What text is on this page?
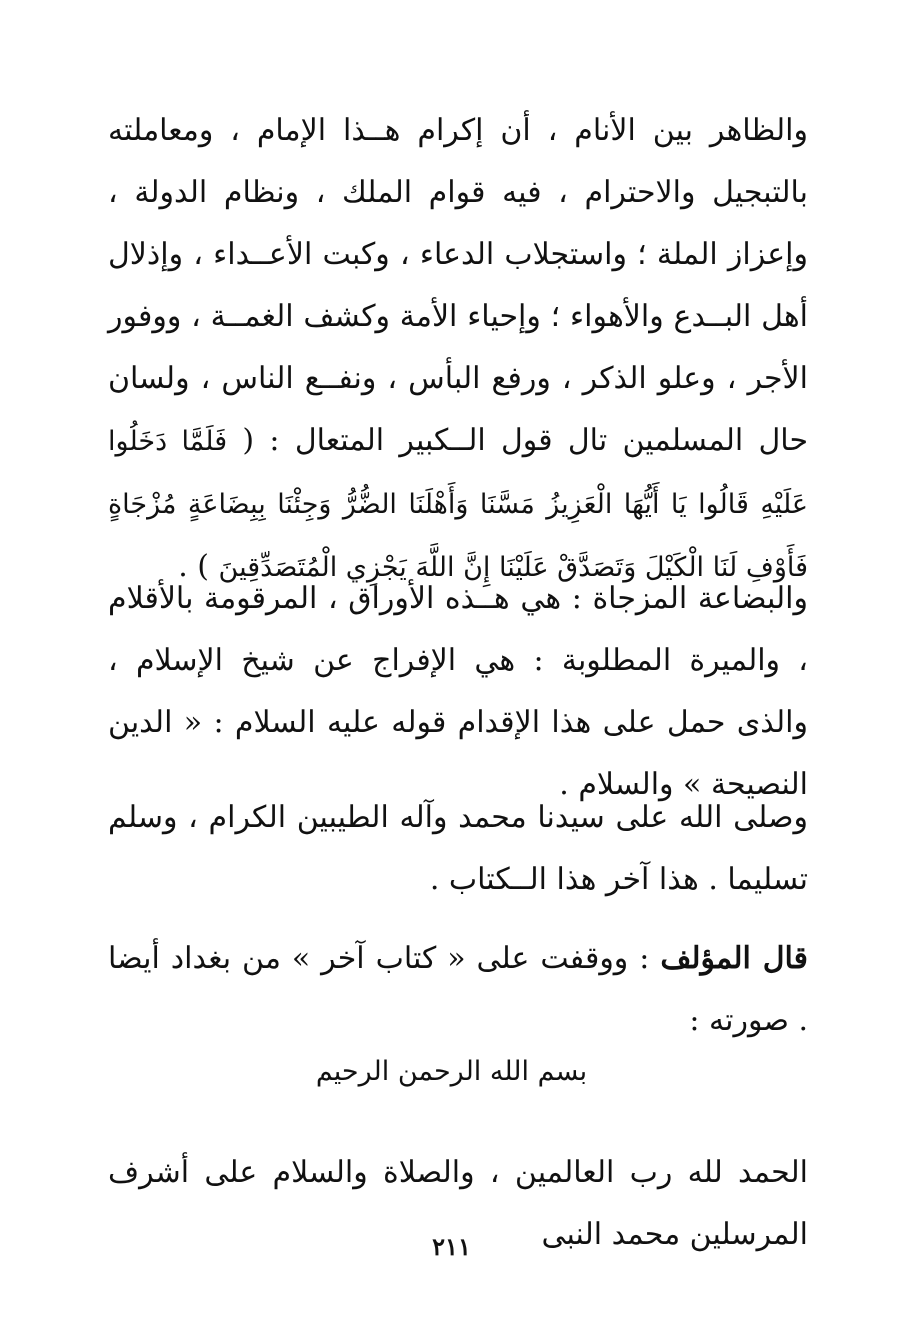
والظاهر بين الأنام ، أن إكرام هــذا الإمام ، ومعاملته بالتبجيل والاحترام ، فيه قوام الملك ، ونظام الدولة ، وإعزاز الملة ؛ واستجلاب الدعاء ، وكبت الأعــداء ، وإذلال أهل البــدع والأهواء ؛ وإحياء الأمة وكشف الغمــة ، ووفور الأجر ، وعلو الذكر ، ورفع البأس ، ونفــع الناس ، ولسان حال المسلمين تال قول الــكبير المتعال : ( فَلَمَّا دَخَلُوا عَلَيْهِ قَالُوا يَا أَيُّهَا الْعَزِيزُ مَسَّنَا وَأَهْلَنَا الضُّرُّ وَجِئْنَا بِبِضَاعَةٍ مُزْجَاةٍ فَأَوْفِ لَنَا الْكَيْلَ وَتَصَدَّقْ عَلَيْنَا إِنَّ اللَّهَ يَجْزِي الْمُتَصَدِّقِينَ ) .
والبضاعة المزجاة : هي هــذه الأوراق ، المرقومة بالأقلام ، والميرة المطلوبة : هي الإفراج عن شيخ الإسلام ، والذى حمل على هذا الإقدام قوله عليه السلام : « الدين النصيحة » والسلام .
وصلى الله على سيدنا محمد وآله الطيبين الكرام ، وسلم تسليما . هذا آخر هذا الــكتاب .
قال المؤلف : ووقفت على « كتاب آخر » من بغداد أيضا . صورته :
بسم الله الرحمن الرحيم
الحمد لله رب العالمين ، والصلاة والسلام على أشرف المرسلين محمد النبى
٢١١
